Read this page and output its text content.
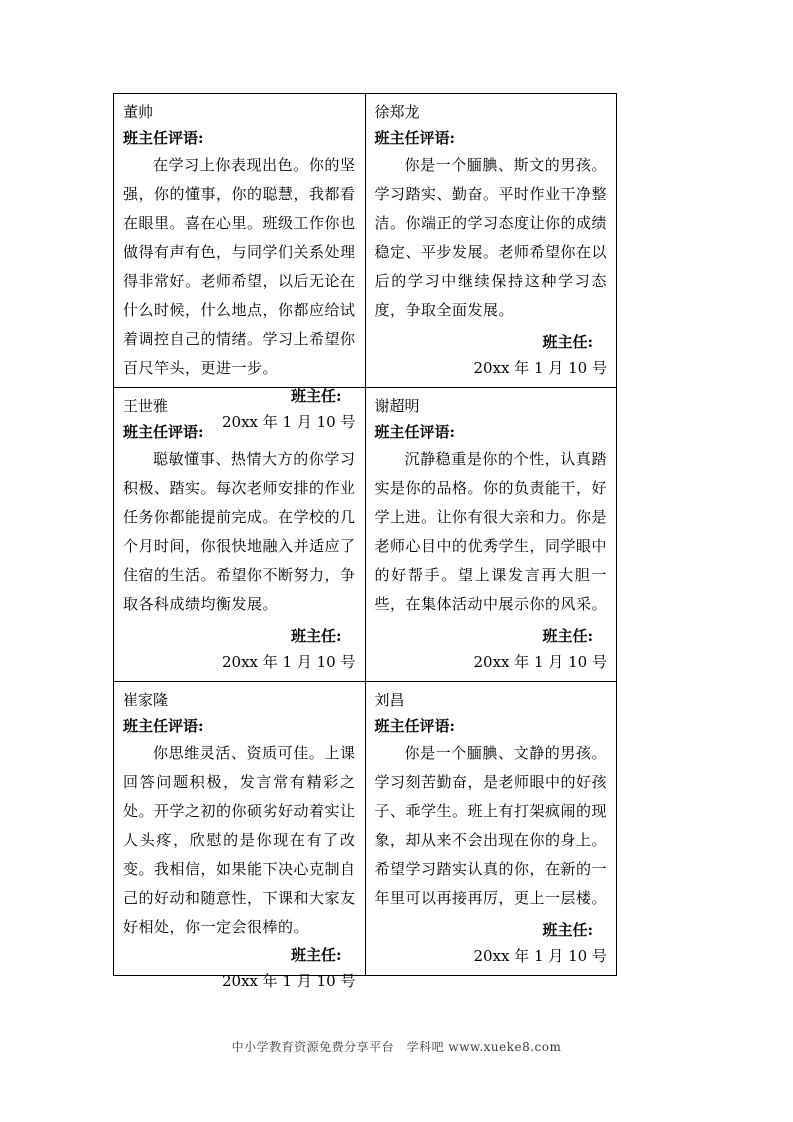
董帅
班主任评语:

在学习上你表现出色。你的坚强，你的懂事，你的聪慧，我都看在眼里。喜在心里。班级工作你也做得有声有色，与同学们关系处理得非常好。老师希望，以后无论在什么时候，什么地点，你都应给试着调控自己的情绪。学习上希望你百尺竿头，更进一步。

班主任:
20xx 年 1 月 10 号

徐郑龙
班主任评语:

你是一个腼腆、斯文的男孩。学习踏实、勤奋。平时作业干净整洁。你端正的学习态度让你的成绩稳定、平步发展。老师希望你在以后的学习中继续保持这种学习态度，争取全面发展。

班主任:
20xx 年 1 月 10 号

王世雅
班主任评语:

聪敏懂事、热情大方的你学习积极、踏实。每次老师安排的作业任务你都能提前完成。在学校的几个月时间，你很快地融入并适应了住宿的生活。希望你不断努力，争取各科成绩均衡发展。

班主任:
20xx 年 1 月 10 号

谢超明
班主任评语:

沉静稳重是你的个性，认真踏实是你的品格。你的负责能干，好学上进。让你有很大亲和力。你是老师心目中的优秀学生，同学眼中的好帮手。望上课发言再大胆一些，在集体活动中展示你的风采。

班主任:
20xx 年 1 月 10 号

崔家隆
班主任评语:

你思维灵活、资质可佳。上课回答问题积极，发言常有精彩之处。开学之初的你硕劣好动着实让人头疼，欣慰的是你现在有了改变。我相信，如果能下决心克制自己的好动和随意性，下课和大家友好相处，你一定会很棒的。

班主任:
20xx 年 1 月 10 号

刘昌
班主任评语:

你是一个腼腆、文静的男孩。学习刻苦勤奋，是老师眼中的好孩子、乖学生。班上有打架疯闹的现象，却从来不会出现在你的身上。希望学习踏实认真的你，在新的一年里可以再接再厉，更上一层楼。

班主任:
20xx 年 1 月 10 号
中小学教育资源免费分享平台　学科吧 www.xueke8.com
